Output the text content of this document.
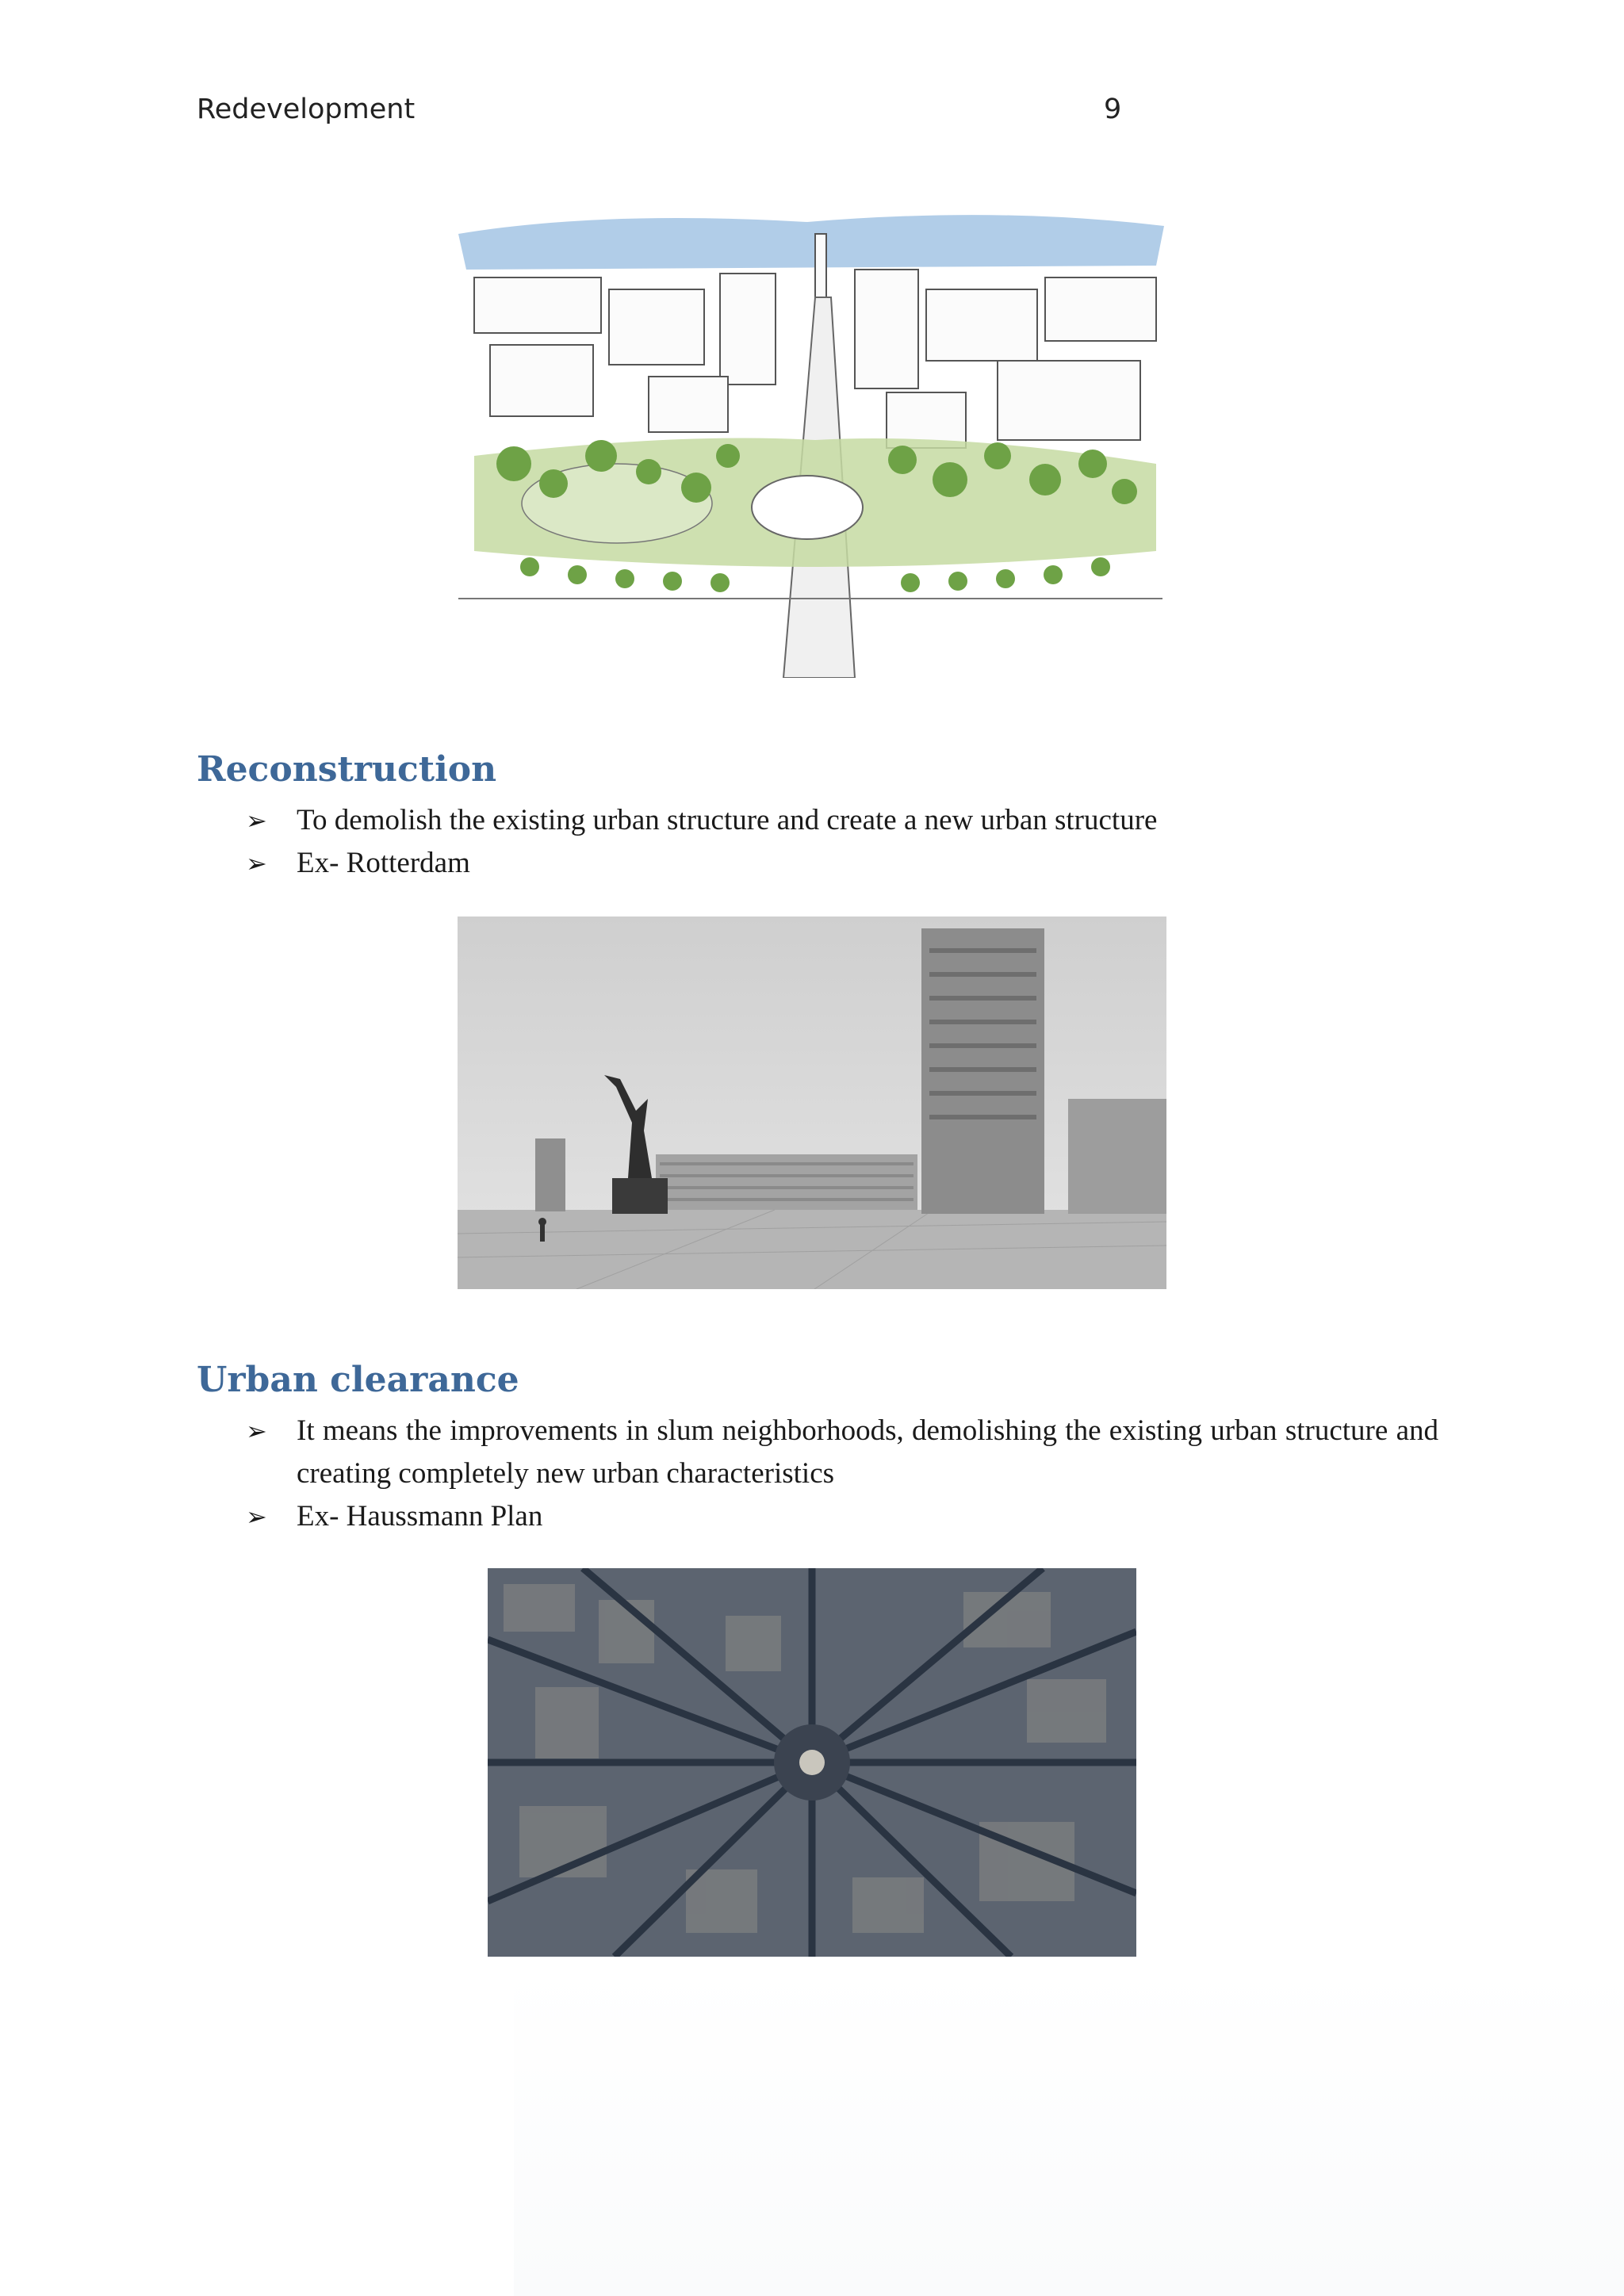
Redevelopment	9
Reconstruction
➢ To demolish the existing urban structure and create a new urban structure
➢ Ex- Rotterdam
Urban clearance
➢ It means the improvements in slum neighborhoods, demolishing the existing urban structure and creating completely new urban characteristics
➢ Ex- Haussmann Plan
